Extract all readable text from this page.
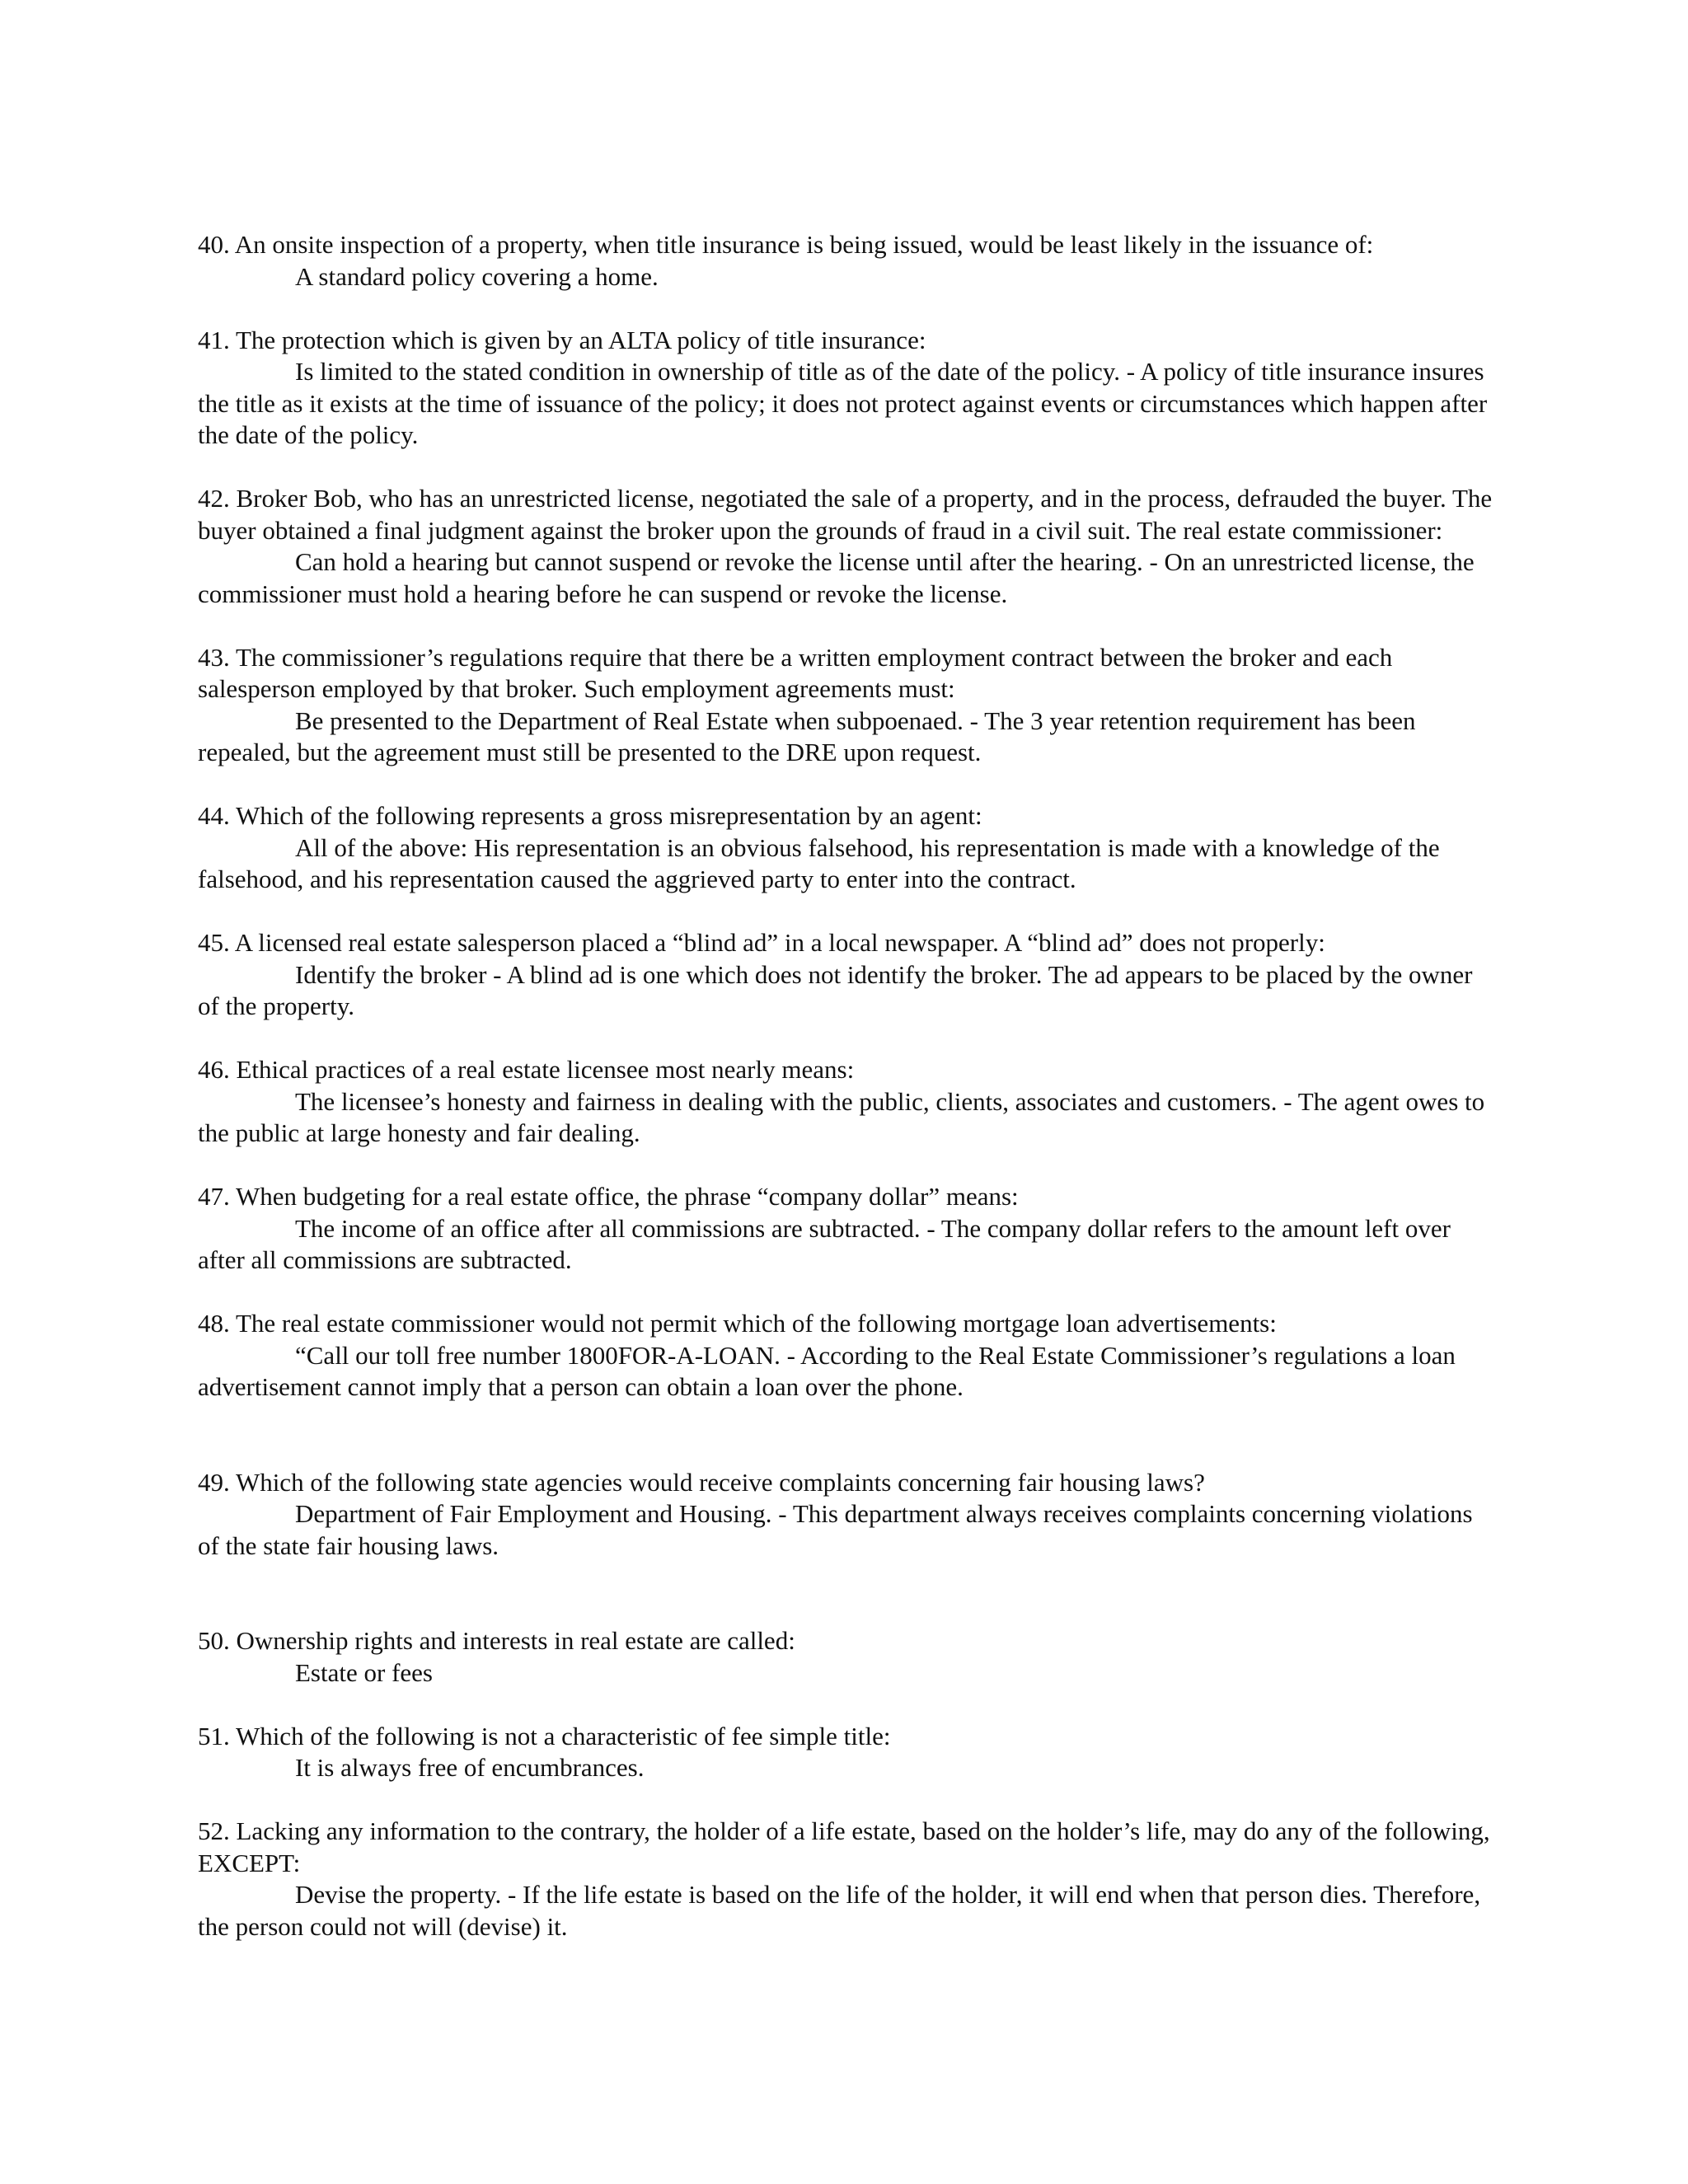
40. An onsite inspection of a property, when title insurance is being issued, would be least likely in the issuance of:

A standard policy covering a home.

41. The protection which is given by an ALTA policy of title insurance:

Is limited to the stated condition in ownership of title as of the date of the policy. - A policy of title insurance insures the title as it exists at the time of issuance of the policy; it does not protect against events or circumstances which happen after the date of the policy.

42. Broker Bob, who has an unrestricted license, negotiated the sale of a property, and in the process, defrauded the buyer. The buyer obtained a final judgment against the broker upon the grounds of fraud in a civil suit. The real estate commissioner:

Can hold a hearing but cannot suspend or revoke the license until after the hearing. - On an unrestricted license, the commissioner must hold a hearing before he can suspend or revoke the license.

43. The commissioner’s regulations require that there be a written employment contract between the broker and each salesperson employed by that broker. Such employment agreements must:

Be presented to the Department of Real Estate when subpoenaed. - The 3 year retention requirement has been repealed, but the agreement must still be presented to the DRE upon request.

44. Which of the following represents a gross misrepresentation by an agent:

All of the above: His representation is an obvious falsehood, his representation is made with a knowledge of the falsehood, and his representation caused the aggrieved party to enter into the contract.

45. A licensed real estate salesperson placed a “blind ad” in a local newspaper. A “blind ad” does not properly:

Identify the broker - A blind ad is one which does not identify the broker. The ad appears to be placed by the owner of the property.

46. Ethical practices of a real estate licensee most nearly means:

The licensee’s honesty and fairness in dealing with the public, clients, associates and customers. - The agent owes to the public at large honesty and fair dealing.

47. When budgeting for a real estate office, the phrase “company dollar” means:

The income of an office after all commissions are subtracted. - The company dollar refers to the amount left over after all commissions are subtracted.

48. The real estate commissioner would not permit which of the following mortgage loan advertisements:

“Call our toll free number 1800FOR-A-LOAN. - According to the Real Estate Commissioner’s regulations a loan advertisement cannot imply that a person can obtain a loan over the phone.

49. Which of the following state agencies would receive complaints concerning fair housing laws?

Department of Fair Employment and Housing. - This department always receives complaints concerning violations of the state fair housing laws.

50. Ownership rights and interests in real estate are called:

Estate or fees

51. Which of the following is not a characteristic of fee simple title:

It is always free of encumbrances.

52. Lacking any information to the contrary, the holder of a life estate, based on the holder’s life, may do any of the following, EXCEPT:

Devise the property. - If the life estate is based on the life of the holder, it will end when that person dies. Therefore, the person could not will (devise) it.
